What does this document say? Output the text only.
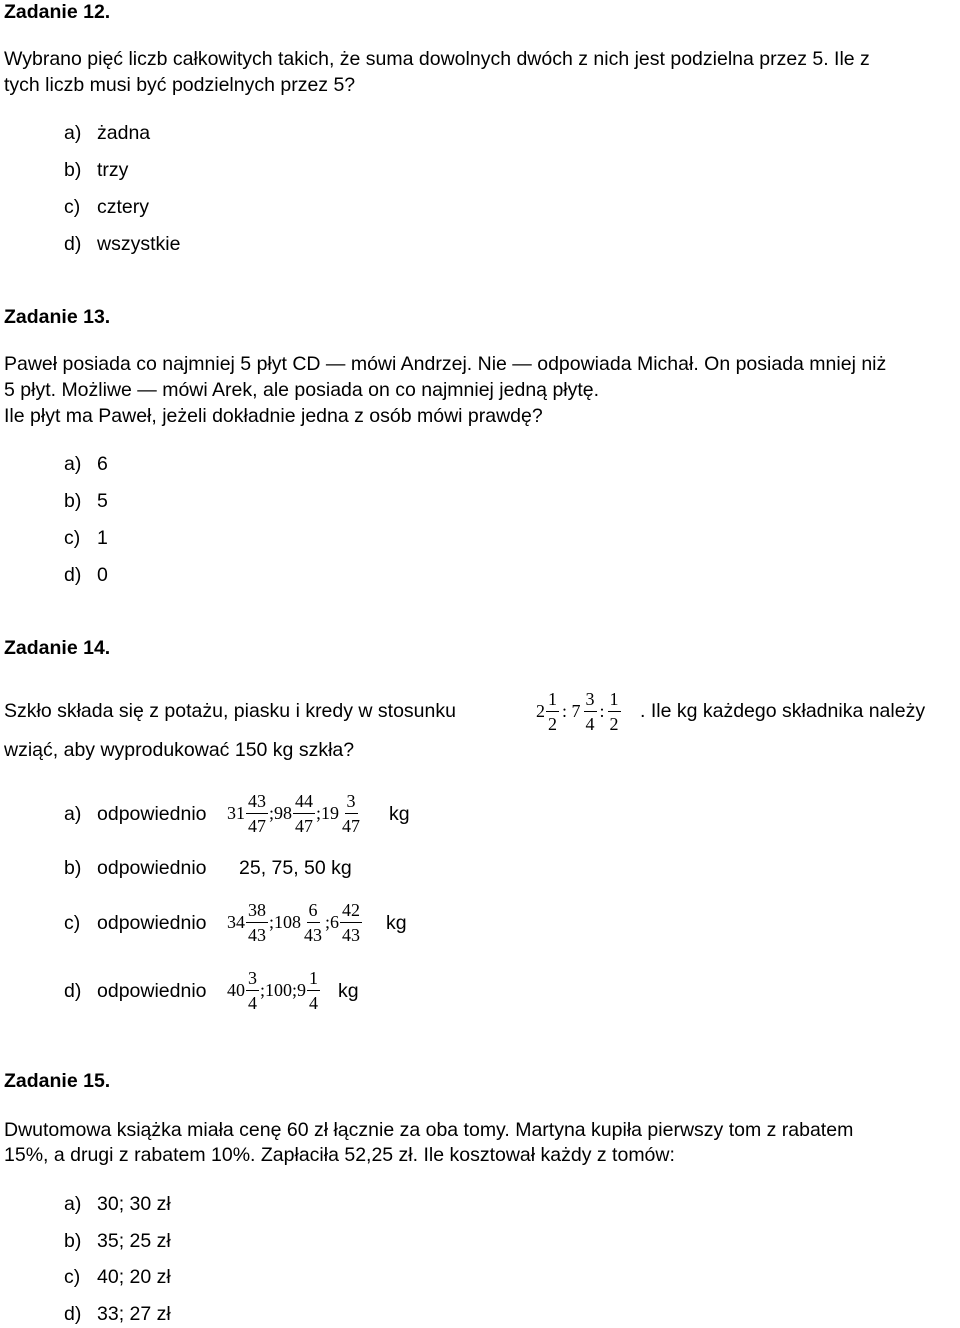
Zadanie 12.
Wybrano pięć liczb całkowitych takich, że suma dowolnych dwóch z nich jest podzielna przez 5. Ile z
tych liczb musi być podzielnych przez 5?
a) żadna
b) trzy
c) cztery
d) wszystkie
Zadanie 13.
Paweł posiada co najmniej 5 płyt CD — mówi Andrzej. Nie — odpowiada Michał. On posiada mniej niż
5 płyt. Możliwe — mówi Arek, ale posiada on co najmniej jedną płytę.
Ile płyt ma Paweł, jeżeli dokładnie jedna z osób mówi prawdę?
a) 6
b) 5
c) 1
d) 0
Zadanie 14.
Szkło składa się z potażu, piasku i kredy w stosunku	$2 \frac{1}{2}$ : $7 \frac{3}{4}$ : $\frac{1}{2}$ . Ile kg każdego składnika należy
wziąć, aby wyprodukować 150 kg szkła?
a) odpowiednio $31 \frac{43}{47}$ ;98 $\frac{44}{47}$ ;19 $\frac{3}{47}$ kg
b) odpowiednio 25, 75, 50 kg
c) odpowiednio $34 \frac{38}{43}$ ;108 $\frac{6}{43}$ ;6 $\frac{42}{43}$ kg
d) odpowiednio $40 \frac{3}{4}$ ;100;9 $\frac{1}{4}$ kg
Zadanie 15.
Dwutomowa książka miała cenę 60 zł łącznie za oba tomy. Martyna kupiła pierwszy tom z rabatem
15%, a drugi z rabatem 10%. Zapłaciła 52,25 zł. Ile kosztował każdy z tomów:
a) 30; 30 zł
b) 35; 25 zł
c) 40; 20 zł
d) 33; 27 zł
